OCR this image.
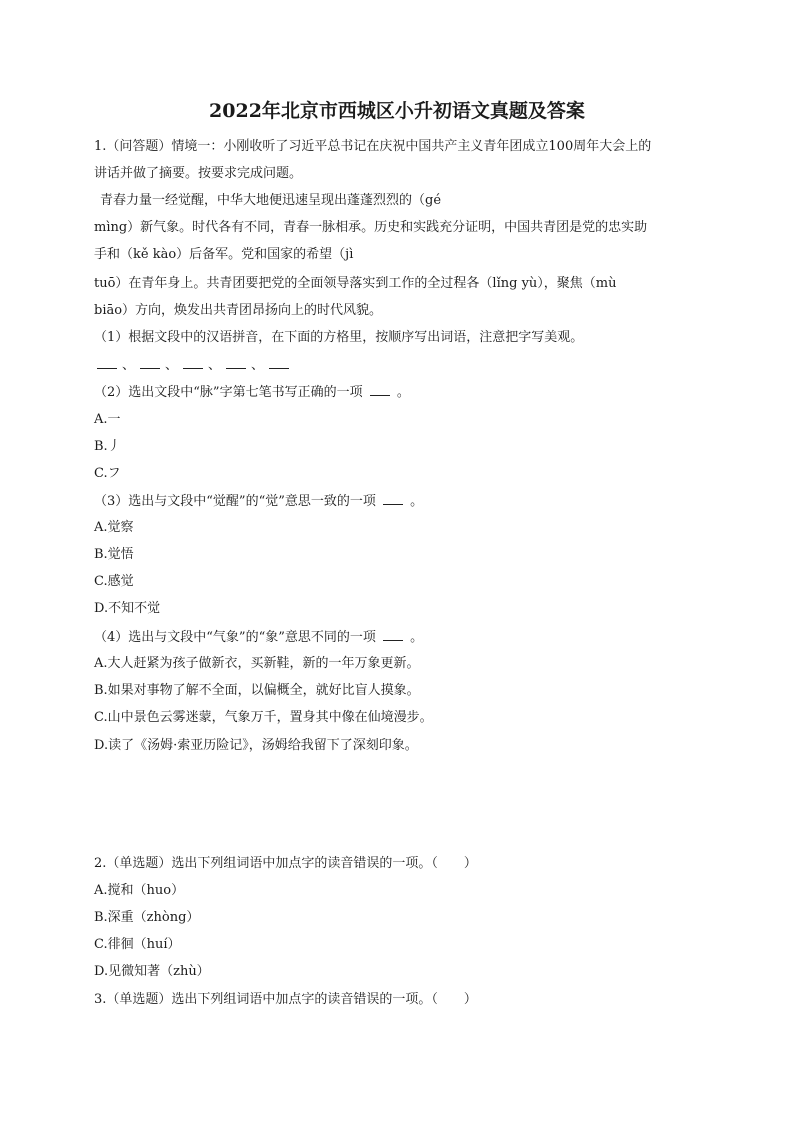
2022年北京市西城区小升初语文真题及答案
1.（问答题）情境一：小刚收听了习近平总书记在庆祝中国共产主义青年团成立100周年大会上的
讲话并做了摘要。按要求完成问题。
青春力量一经觉醒，中华大地便迅速呈现出蓬蓬烈烈的（gé
mìng）新气象。时代各有不同，青春一脉相承。历史和实践充分证明，中国共青团是党的忠实助
手和（kě kào）后备军。党和国家的希望（jì
tuō）在青年身上。共青团要把党的全面领导落实到工作的全过程各（lǐng yù），聚焦（mù
biāo）方向，焕发出共青团昂扬向上的时代风貌。
（1）根据文段中的汉语拼音，在下面的方格里，按顺序写出词语，注意把字写美观。
、 、 、 、
（2）选出文段中“脉”字第七笔书写正确的一项	。
A.一
B.丿
C.フ
（3）选出与文段中“觉醒”的“觉”意思一致的一项	。
A.觉察
B.觉悟
C.感觉
D.不知不觉
（4）选出与文段中“气象”的“象”意思不同的一项	。
A.大人赶紧为孩子做新衣，买新鞋，新的一年万象更新。
B.如果对事物了解不全面，以偏概全，就好比盲人摸象。
C.山中景色云雾迷蒙，气象万千，置身其中像在仙境漫步。
D.读了《汤姆·索亚历险记》，汤姆给我留下了深刻印象。
2.（单选题）选出下列组词语中加点字的读音错误的一项。（　　）
A.搅和（huo）
B.深重（zhòng）
C.徘徊（huí）
D.见微知著（zhù）
3.（单选题）选出下列组词语中加点字的读音错误的一项。（　　）
